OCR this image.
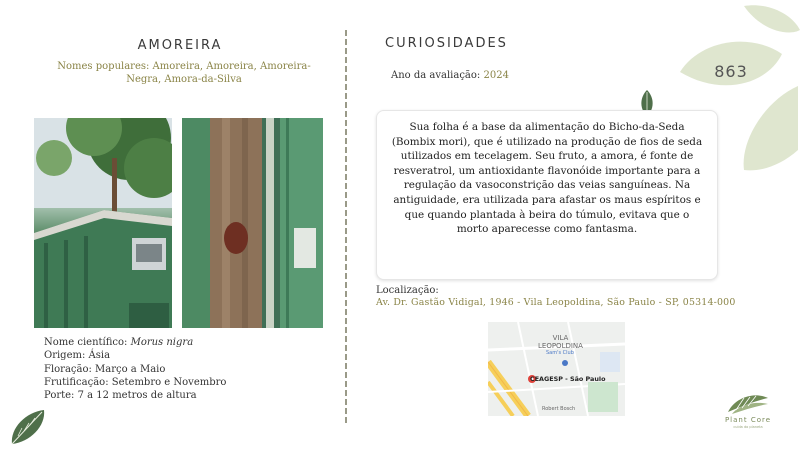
AMOREIRA
Nomes populares: Amoreira, Amoreira, Amoreira-Negra, Amora-da-Silva
Nome científico: Morus nigra
Origem: Ásia
Floração: Março a Maio
Frutificação: Setembro e Novembro
Porte: 7 a 12 metros de altura
CURIOSIDADES
Ano da avaliação: 2024	863
Sua folha é a base da alimentação do Bicho-da-Seda (Bombix mori), que é utilizado na produção de fios de seda utilizados em tecelagem. Seu fruto, a amora, é fonte de resveratrol, um antioxidante flavonóide importante para a regulação da vasoconstrição das veias sanguíneas. Na antiguidade, era utilizada para afastar os maus espíritos e que quando plantada à beira do túmulo, evitava que o morto aparecesse como fantasma.
Localização:
Av. Dr. Gastão Vidigal, 1946 - Vila Leopoldina, São Paulo - SP, 05314-000
VILA
LEOPOLDINA
Sam's Club
CEAGESP - São Paulo
Robert Bosch
Plant Core
cuida do planeta
